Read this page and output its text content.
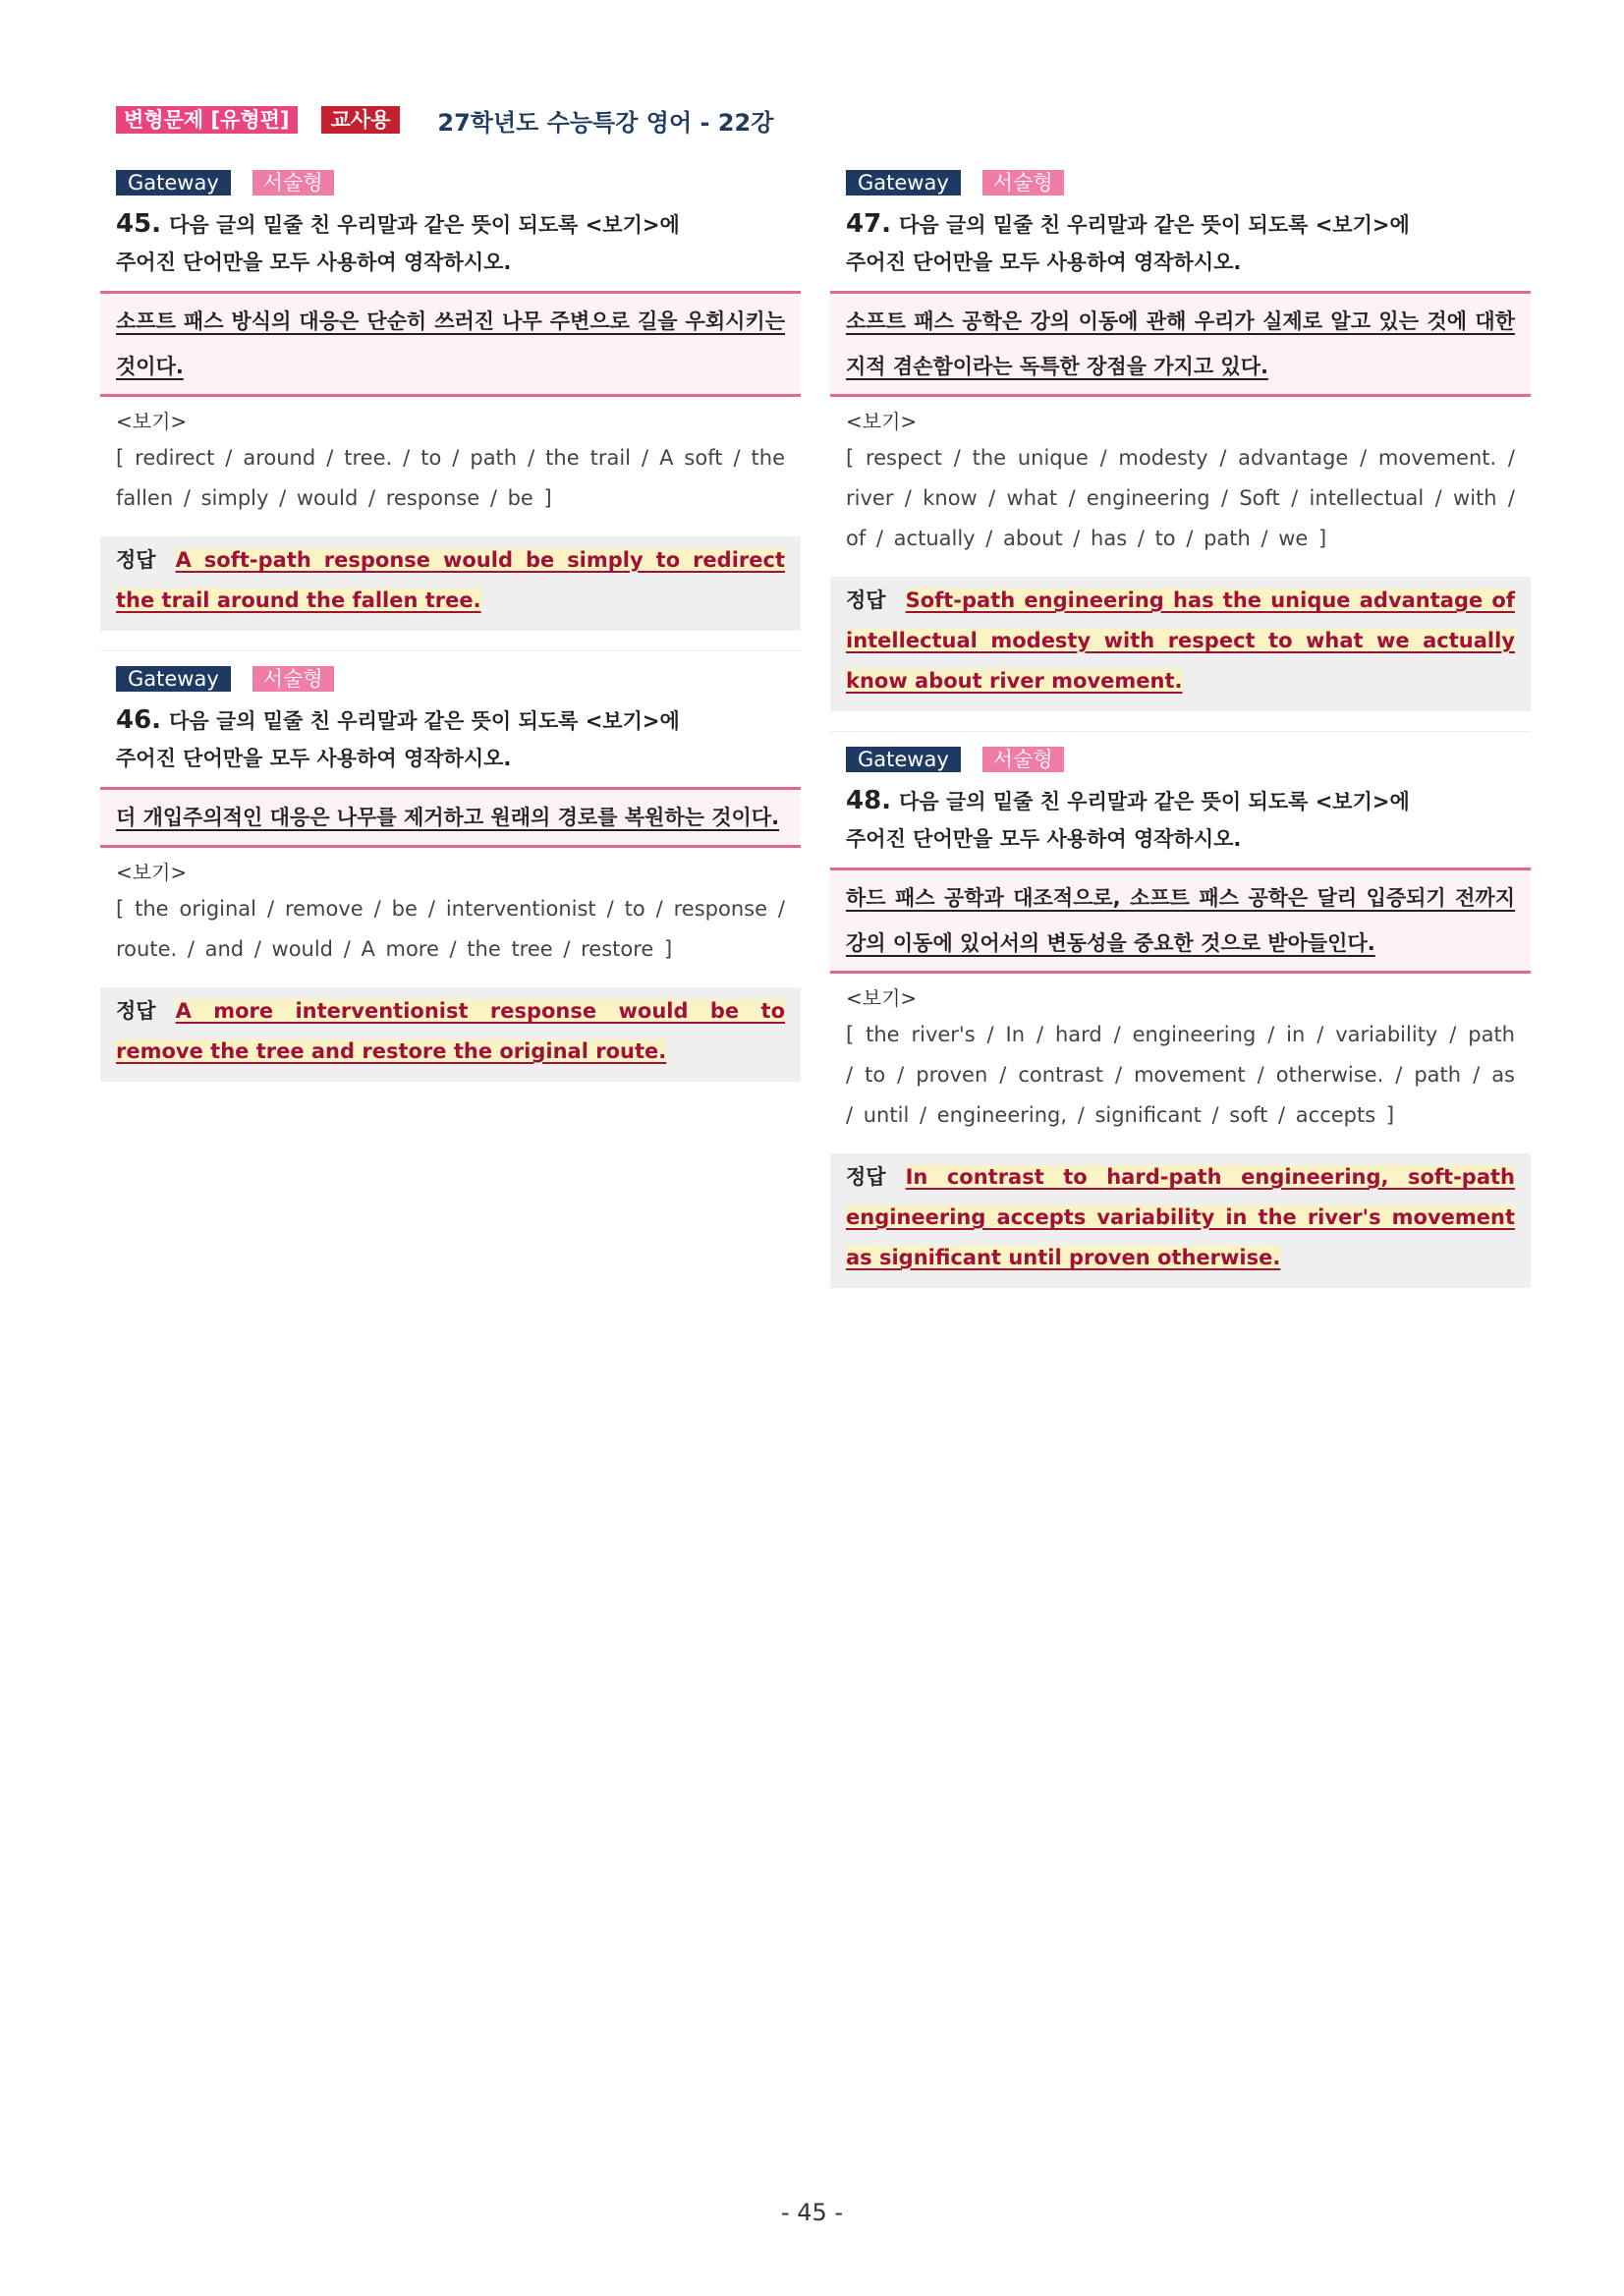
변형문제 [유형편]	교사용	27학년도 수능특강 영어 - 22강
Gateway	서술형
45. 다음 글의 밑줄 친 우리말과 같은 뜻이 되도록 <보기>에
주어진 단어만을 모두 사용하여 영작하시오.
소프트 패스 방식의 대응은 단순히 쓰러진 나무 주변으로 길을 우회시키는 것이다.
<보기>
[ redirect / around / tree. / to / path / the trail / A soft / the fallen / simply / would / response / be ]
정답 A soft-path response would be simply to redirect the trail around the fallen tree.
Gateway	서술형
46. 다음 글의 밑줄 친 우리말과 같은 뜻이 되도록 <보기>에
주어진 단어만을 모두 사용하여 영작하시오.
더 개입주의적인 대응은 나무를 제거하고 원래의 경로를 복원하는 것이다.
<보기>
[ the original / remove / be / interventionist / to / response / route. / and / would / A more / the tree / restore ]
정답 A more interventionist response would be to remove the tree and restore the original route.
Gateway	서술형
47. 다음 글의 밑줄 친 우리말과 같은 뜻이 되도록 <보기>에
주어진 단어만을 모두 사용하여 영작하시오.
소프트 패스 공학은 강의 이동에 관해 우리가 실제로 알고 있는 것에 대한 지적 겸손함이라는 독특한 장점을 가지고 있다.
<보기>
[ respect / the unique / modesty / advantage / movement. / river / know / what / engineering / Soft / intellectual / with / of / actually / about / has / to / path / we ]
정답 Soft-path engineering has the unique advantage of intellectual modesty with respect to what we actually know about river movement.
Gateway	서술형
48. 다음 글의 밑줄 친 우리말과 같은 뜻이 되도록 <보기>에
주어진 단어만을 모두 사용하여 영작하시오.
하드 패스 공학과 대조적으로, 소프트 패스 공학은 달리 입증되기 전까지 강의 이동에 있어서의 변동성을 중요한 것으로 받아들인다.
<보기>
[ the river's / In / hard / engineering / in / variability / path / to / proven / contrast / movement / otherwise. / path / as / until / engineering, / significant / soft / accepts ]
정답 In contrast to hard-path engineering, soft-path engineering accepts variability in the river's movement as significant until proven otherwise.
- 45 -
